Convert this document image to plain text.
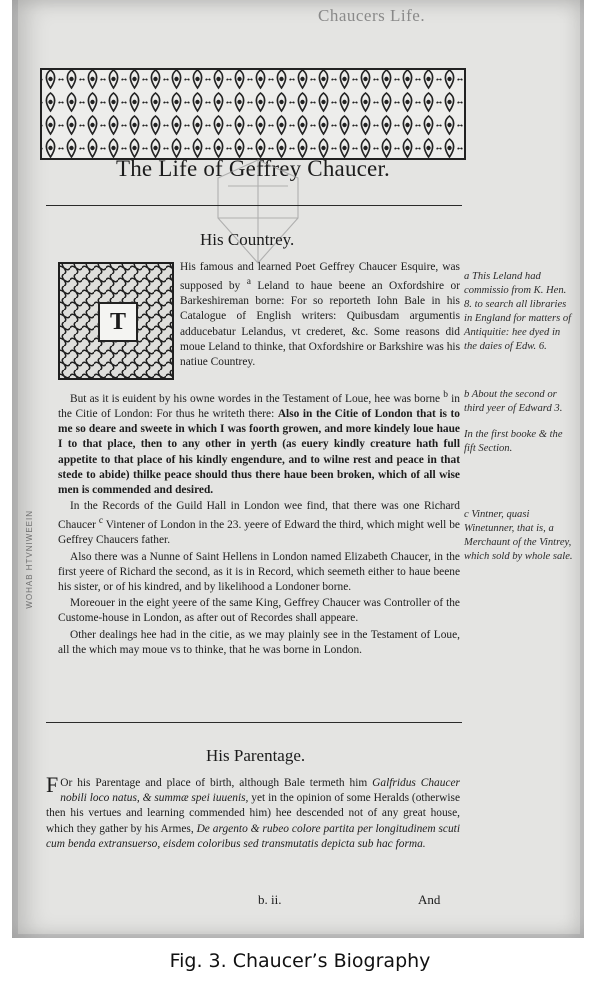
Chaucers Life.
The Life of Geffrey Chaucer.
His Countrey.
T

His famous and learned Poet Geffrey Chaucer Esquire, was supposed by $^a$ Leland to haue beene an Oxfordshire or Barkeshireman borne: For so reporteth Iohn Bale in his Catalogue of English writers: Quibusdam argumentis adducebatur Lelandus, vt crederet, &c. Some reasons did moue Leland to thinke, that Oxfordshire or Barkshire was his natiue Countrey.

But as it is euident by his owne wordes in the Testament of Loue, hee was borne $^b$ in the Citie of London: For thus he writeth there: Also in the Citie of London that is to me so deare and sweete in which I was foorth growen, and more kindely loue haue I to that place, then to any other in yerth (as euery kindly creature hath full appetite to that place of his kindly engendure, and to wilne rest and peace in that stede to abide) thilke peace should thus there haue been broken, which of all wise men is commended and desired.

In the Records of the Guild Hall in London wee find, that there was one Richard Chaucer $^c$ Vintener of London in the 23. yeere of Edward the third, which might well be Geffrey Chaucers father.

Also there was a Nunne of Saint Hellens in London named Elizabeth Chaucer, in the first yeere of Richard the second, as it is in Record, which seemeth either to haue beene his sister, or of his kindred, and by likelihood a Londoner borne.

Moreouer in the eight yeere of the same King, Geffrey Chaucer was Controller of the Custome-house in London, as after out of Recordes shall appeare.

Other dealings hee had in the citie, as we may plainly see in the Testament of Loue, all the which may moue vs to thinke, that he was borne in London.

a This Leland had commissio from K. Hen. 8. to search all libraries in England for matters of Antiquitie: hee dyed in the daies of Edw. 6.

b About the second or third yeer of Edward 3.

In the first booke & the fift Section.

c Vintner, quasi Winetunner, that is, a Merchaunt of the Vintrey, which sold by whole sale.

WOHAB HTVNIWEEIN
His Parentage.

F Or his Parentage and place of birth, although Bale termeth him Galfridus Chaucer nobili loco natus, & summæ spei iuuenis, yet in the opinion of some Heralds (otherwise then his vertues and learning commended him) hee descended not of any great house, which they gather by his Armes, De argento & rubeo colore partita per longitudinem scuti cum benda extransuerso, eisdem coloribus sed transmutatis depicta sub hac forma.

b. ii.	And
Fig. 3. Chaucer’s Biography
